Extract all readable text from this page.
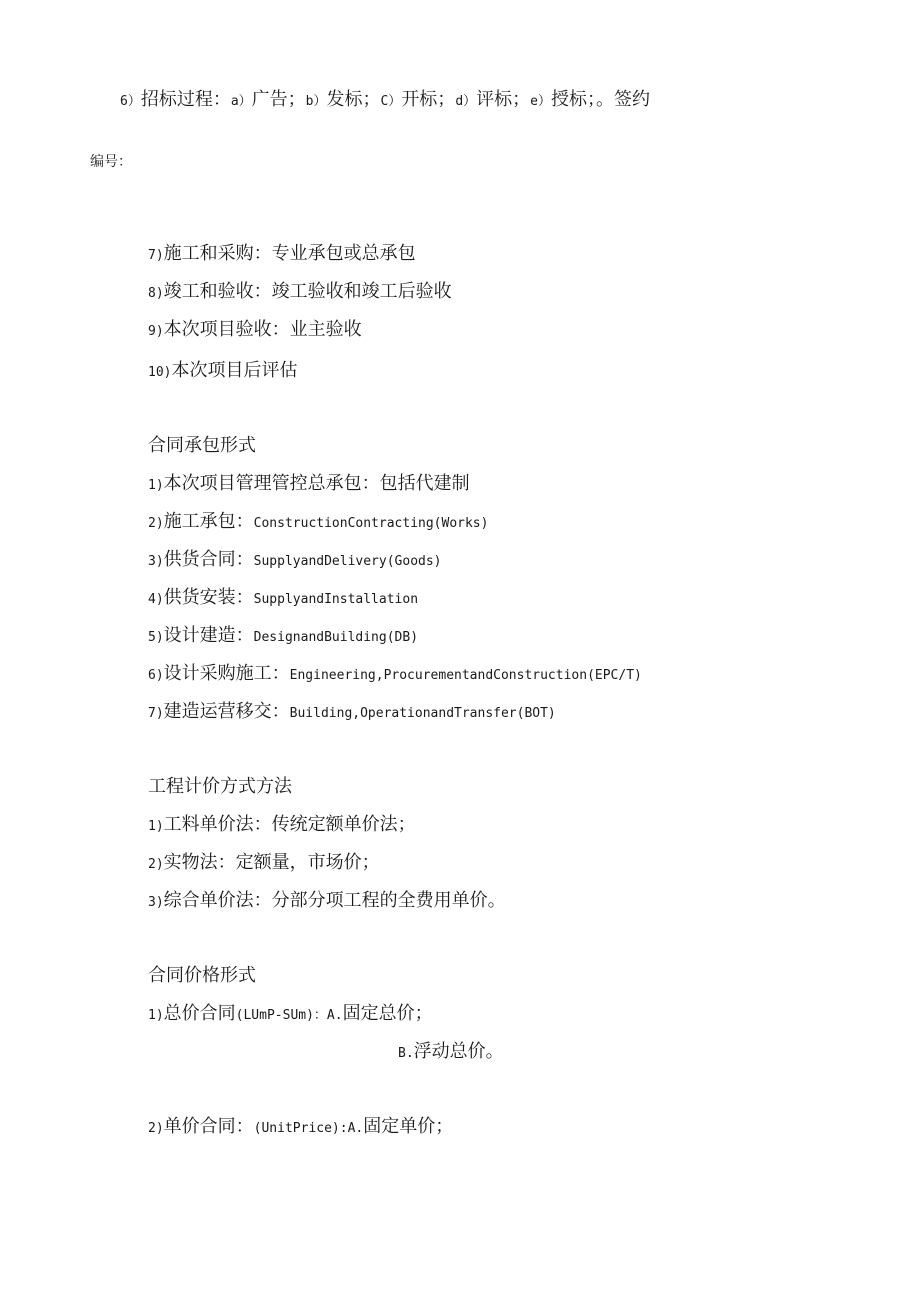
6）招标过程：a）广告；b）发标；C）开标；d）评标；e）授标；。签约
编号：
7)施工和采购：专业承包或总承包
8)竣工和验收：竣工验收和竣工后验收
9)本次项目验收：业主验收
10)本次项目后评估
合同承包形式
1)本次项目管理管控总承包：包括代建制
2)施工承包：ConstructionContracting(Works)
3)供货合同：SupplyandDelivery(Goods)
4)供货安装：SupplyandInstallation
5)设计建造：DesignandBuilding(DB)
6)设计采购施工：Engineering,ProcurementandConstruction(EPC/T)
7)建造运营移交：Building,OperationandTransfer(BOT)
工程计价方式方法
1)工料单价法：传统定额单价法；
2)实物法：定额量，市场价；
3)综合单价法：分部分项工程的全费用单价。
合同价格形式
1)总价合同(LUmP-SUm)：A.固定总价；
B.浮动总价。
2)单价合同：(UnitPrice):A.固定单价；
